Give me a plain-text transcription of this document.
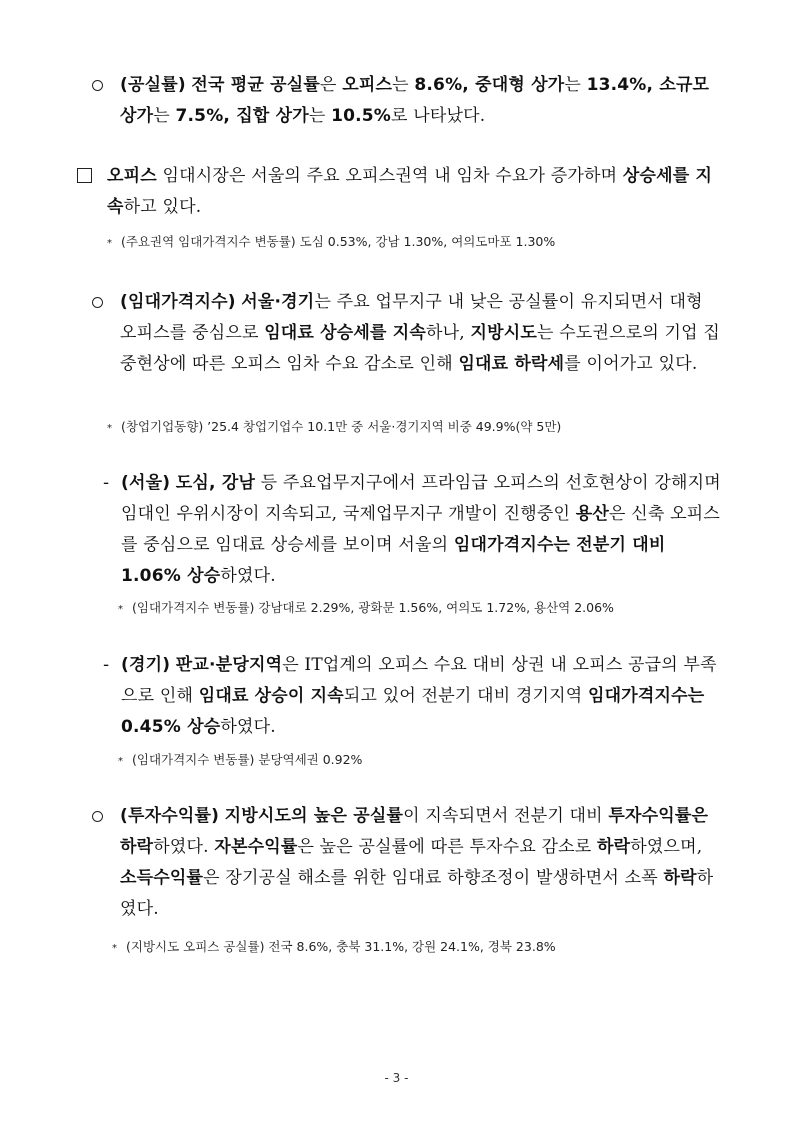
(공실률) 전국 평균 공실률은 오피스는 8.6%, 중대형 상가는 13.4%, 소규모 상가는 7.5%, 집합 상가는 10.5%로 나타났다.
오피스 임대시장은 서울의 주요 오피스권역 내 임차 수요가 증가하며 상승세를 지속하고 있다.
* (주요권역 임대가격지수 변동률) 도심 0.53%, 강남 1.30%, 여의도마포 1.30%
(임대가격지수) 서울·경기는 주요 업무지구 내 낮은 공실률이 유지되면서 대형 오피스를 중심으로 임대료 상승세를 지속하나, 지방시도는 수도권으로의 기업 집중현상에 따른 오피스 임차 수요 감소로 인해 임대료 하락세를 이어가고 있다.
* (창업기업동향) ’25.4 창업기업수 10.1만 중 서울·경기지역 비중 49.9%(약 5만)
- (서울) 도심, 강남 등 주요업무지구에서 프라임급 오피스의 선호현상이 강해지며 임대인 우위시장이 지속되고, 국제업무지구 개발이 진행중인 용산은 신축 오피스를 중심으로 임대료 상승세를 보이며 서울의 임대가격지수는 전분기 대비 1.06% 상승하였다.
* (임대가격지수 변동률) 강남대로 2.29%, 광화문 1.56%, 여의도 1.72%, 용산역 2.06%
- (경기) 판교·분당지역은 IT업계의 오피스 수요 대비 상권 내 오피스 공급의 부족으로 인해 임대료 상승이 지속되고 있어 전분기 대비 경기지역 임대가격지수는 0.45% 상승하였다.
* (임대가격지수 변동률) 분당역세권 0.92%
(투자수익률) 지방시도의 높은 공실률이 지속되면서 전분기 대비 투자수익률은 하락하였다. 자본수익률은 높은 공실률에 따른 투자수요 감소로 하락하였으며, 소득수익률은 장기공실 해소를 위한 임대료 하향조정이 발생하면서 소폭 하락하였다.
* (지방시도 오피스 공실률) 전국 8.6%, 충북 31.1%, 강원 24.1%, 경북 23.8%
- 3 -
